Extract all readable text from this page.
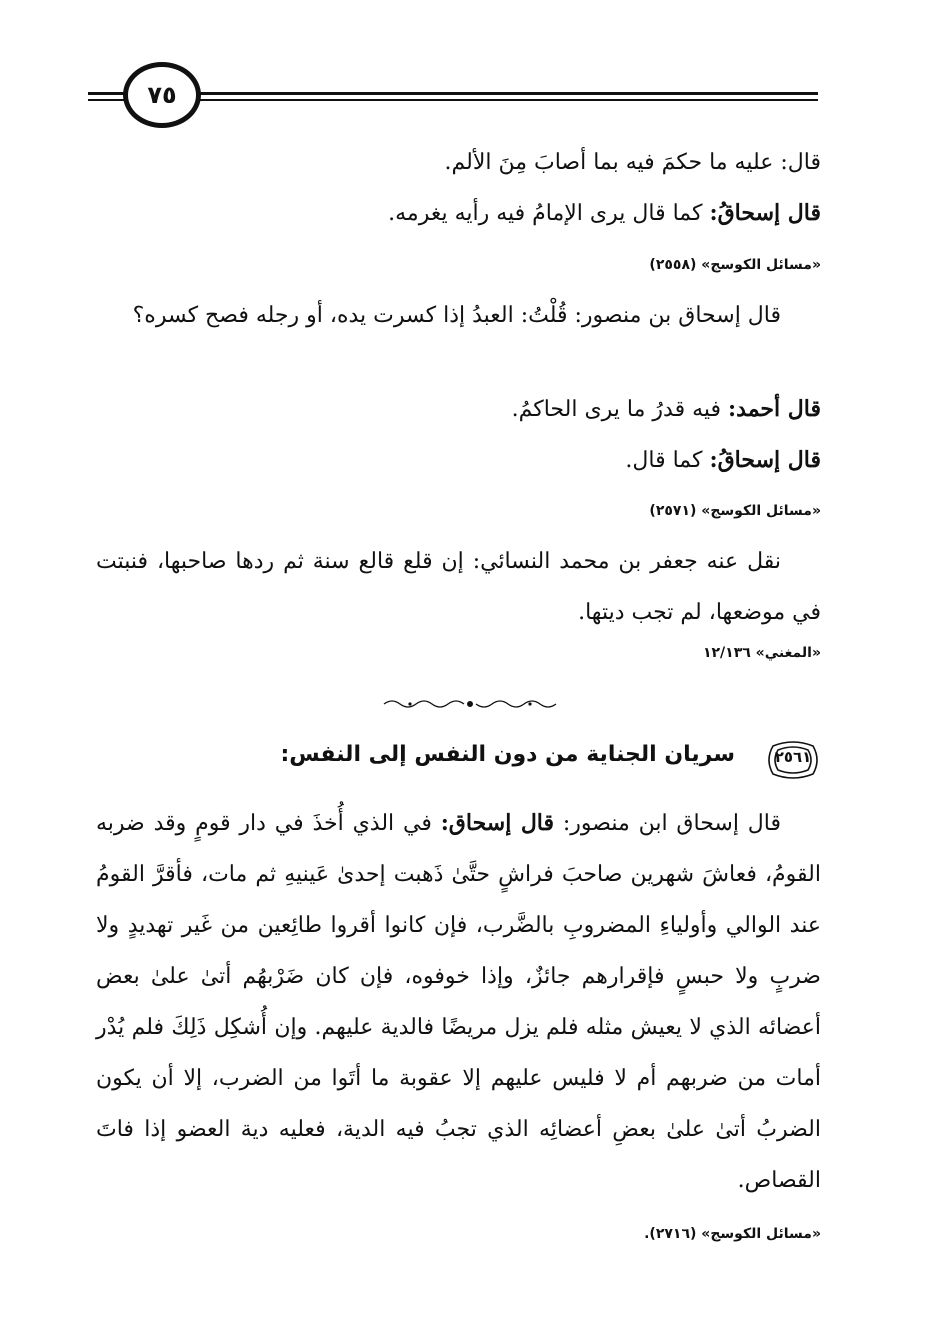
٧٥
قال: عليه ما حكمَ فيه بما أصابَ مِنَ الألم.
قال إسحاقُ: كما قال يرى الإمامُ فيه رأيه يغرمه.
«مسائل الكوسج» (٢٥٥٨)
قال إسحاق بن منصور: قُلْتُ: العبدُ إذا كسرت يده، أو رجله فصح كسره؟
قال أحمد: فيه قدرُ ما يرى الحاكمُ.
قال إسحاقُ: كما قال.
«مسائل الكوسج» (٢٥٧١)
نقل عنه جعفر بن محمد النسائي: إن قلع قالع سنة ثم ردها صاحبها، فنبتت في موضعها، لم تجب ديتها.
«المغني» ١٢/١٣٦
٢٥٦١
سريان الجناية من دون النفس إلى النفس:
قال إسحاق ابن منصور: قال إسحاق: في الذي أُخذَ في دار قومٍ وقد ضربه القومُ، فعاشَ شهرين صاحبَ فراشٍ حتَّىٰ ذَهبت إحدىٰ عَينيهِ ثم مات، فأقرَّ القومُ عند الوالي وأولياءِ المضروبِ بالضَّرب، فإن كانوا أقروا طائِعين من غَير تهديدٍ ولا ضربٍ ولا حبسٍ فإقرارهم جائزٌ، وإذا خوفوه، فإن كان ضَرْبهُم أتىٰ علىٰ بعض أعضائه الذي لا يعيش مثله فلم يزل مريضًا فالدية عليهم. وإن أُشكِل ذَلِكَ فلم يُدْر أمات من ضربهم أم لا فليس عليهم إلا عقوبة ما أتَوا من الضرب، إلا أن يكون الضربُ أتىٰ علىٰ بعضِ أعضائِه الذي تجبُ فيه الدية، فعليه دية العضو إذا فاتَ القصاص.
«مسائل الكوسج» (٢٧١٦).
